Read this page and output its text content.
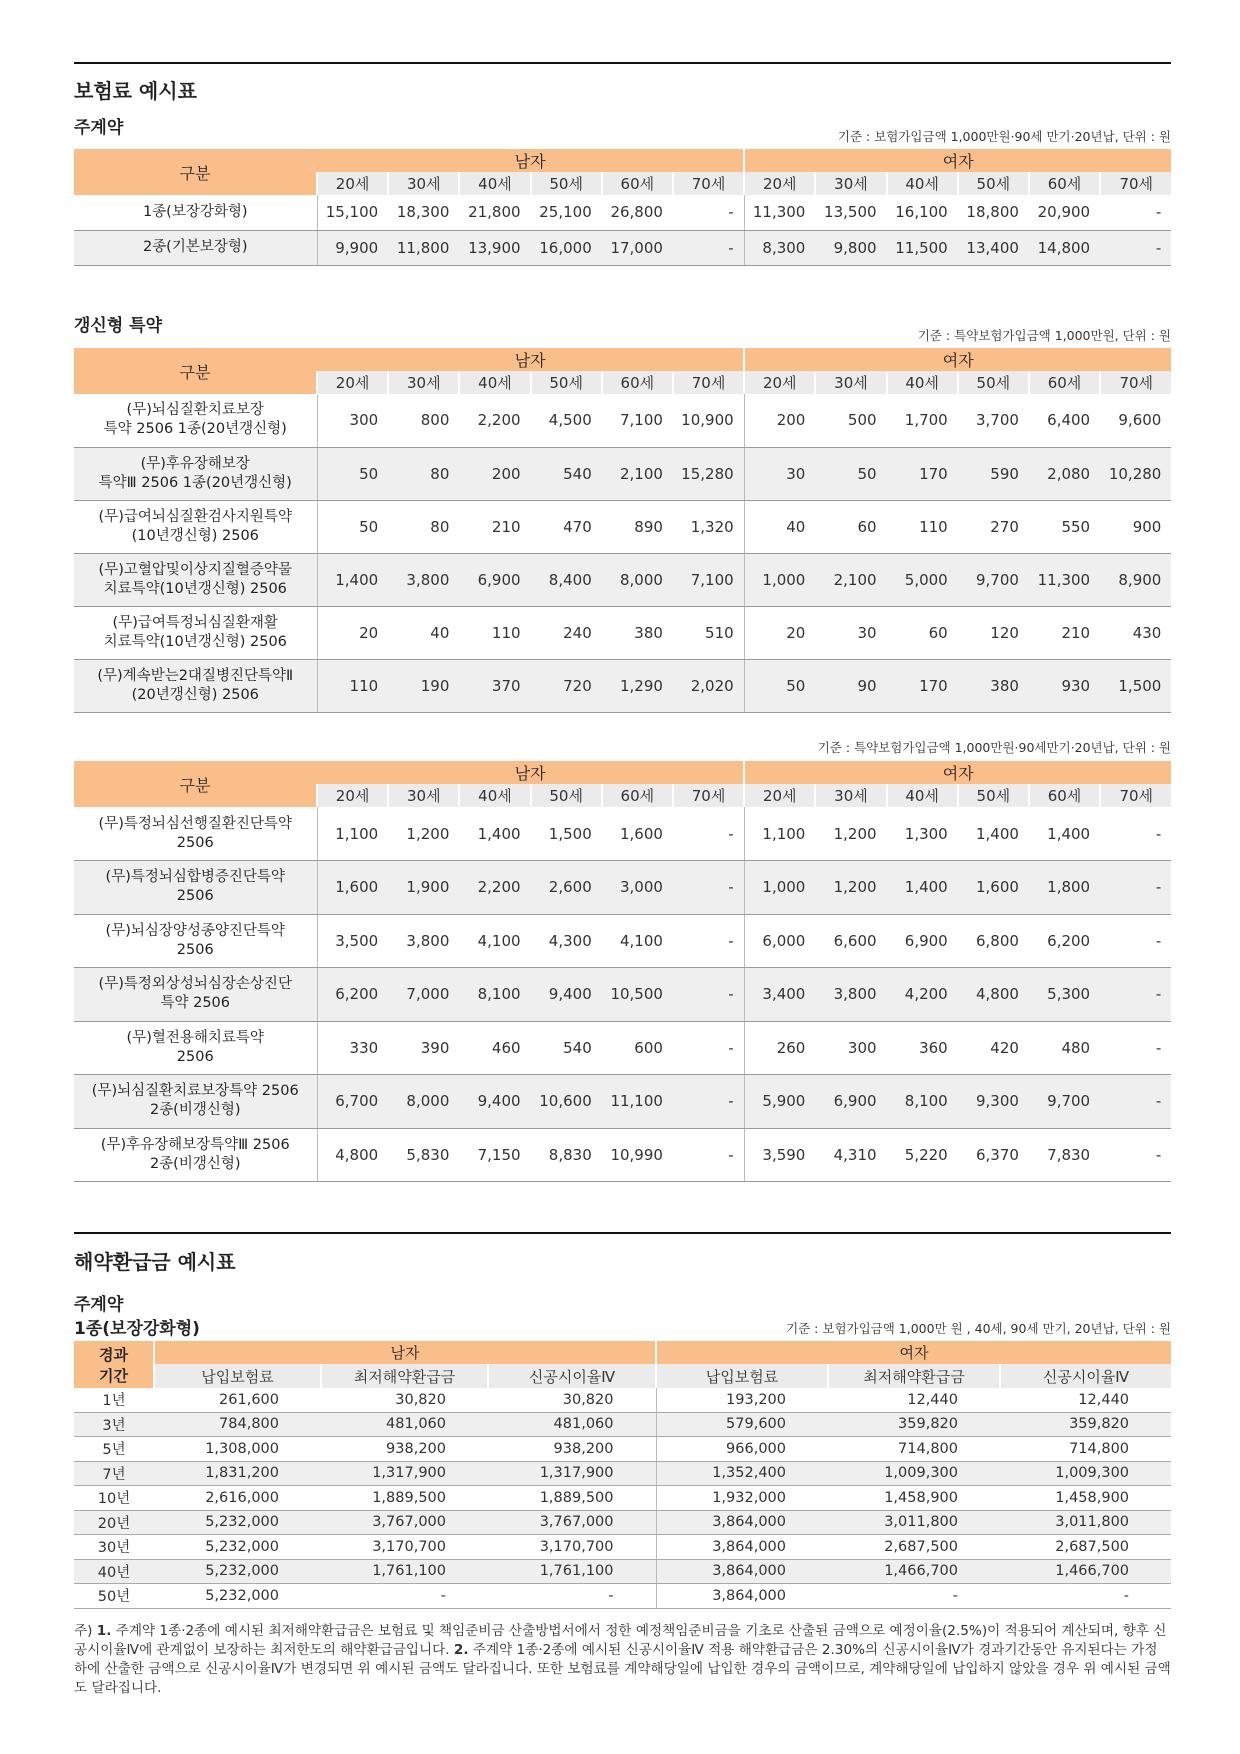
보험료 예시표
주계약	기준 : 보험가입금액 1,000만원·90세 만기·20년납, 단위 : 원
구분	남자						여자					
	20세	30세	40세	50세	60세	70세	20세	30세	40세	50세	60세	70세
1종(보장강화형)	15,100	18,300	21,800	25,100	26,800	-	11,300	13,500	16,100	18,800	20,900	-
2종(기본보장형)	9,900	11,800	13,900	16,000	17,000	-	8,300	9,800	11,500	13,400	14,800	-
갱신형 특약	기준 : 특약보험가입금액 1,000만원, 단위 : 원
구분	남자						여자					
	20세	30세	40세	50세	60세	70세	20세	30세	40세	50세	60세	70세
(무)뇌심질환치료보장
특약 2506 1종(20년갱신형)	300	800	2,200	4,500	7,100	10,900	200	500	1,700	3,700	6,400	9,600
(무)후유장해보장
특약Ⅲ 2506 1종(20년갱신형)	50	80	200	540	2,100	15,280	30	50	170	590	2,080	10,280
(무)급여뇌심질환검사지원특약
(10년갱신형) 2506	50	80	210	470	890	1,320	40	60	110	270	550	900
(무)고혈압및이상지질혈증약물
치료특약(10년갱신형) 2506	1,400	3,800	6,900	8,400	8,000	7,100	1,000	2,100	5,000	9,700	11,300	8,900
(무)급여특정뇌심질환재활
치료특약(10년갱신형) 2506	20	40	110	240	380	510	20	30	60	120	210	430
(무)계속받는2대질병진단특약Ⅱ
(20년갱신형) 2506	110	190	370	720	1,290	2,020	50	90	170	380	930	1,500
기준 : 특약보험가입금액 1,000만원·90세만기·20년납, 단위 : 원
구분	남자						여자					
	20세	30세	40세	50세	60세	70세	20세	30세	40세	50세	60세	70세
(무)특정뇌심선행질환진단특약
2506	1,100	1,200	1,400	1,500	1,600	-	1,100	1,200	1,300	1,400	1,400	-
(무)특정뇌심합병증진단특약
2506	1,600	1,900	2,200	2,600	3,000	-	1,000	1,200	1,400	1,600	1,800	-
(무)뇌심장양성종양진단특약
2506	3,500	3,800	4,100	4,300	4,100	-	6,000	6,600	6,900	6,800	6,200	-
(무)특정외상성뇌심장손상진단
특약 2506	6,200	7,000	8,100	9,400	10,500	-	3,400	3,800	4,200	4,800	5,300	-
(무)혈전용해치료특약
2506	330	390	460	540	600	-	260	300	360	420	480	-
(무)뇌심질환치료보장특약 2506
2종(비갱신형)	6,700	8,000	9,400	10,600	11,100	-	5,900	6,900	8,100	9,300	9,700	-
(무)후유장해보장특약Ⅲ 2506
2종(비갱신형)	4,800	5,830	7,150	8,830	10,990	-	3,590	4,310	5,220	6,370	7,830	-
해약환급금 예시표
주계약
1종(보장강화형)	기준 : 보험가입금액 1,000만 원 , 40세, 90세 만기, 20년납, 단위 : 원
경과
기간	남자			여자		
	납입보험료	최저해약환급금	신공시이율Ⅳ	납입보험료	최저해약환급금	신공시이율Ⅳ
1년	261,600	30,820	30,820	193,200	12,440	12,440
3년	784,800	481,060	481,060	579,600	359,820	359,820
5년	1,308,000	938,200	938,200	966,000	714,800	714,800
7년	1,831,200	1,317,900	1,317,900	1,352,400	1,009,300	1,009,300
10년	2,616,000	1,889,500	1,889,500	1,932,000	1,458,900	1,458,900
20년	5,232,000	3,767,000	3,767,000	3,864,000	3,011,800	3,011,800
30년	5,232,000	3,170,700	3,170,700	3,864,000	2,687,500	2,687,500
40년	5,232,000	1,761,100	1,761,100	3,864,000	1,466,700	1,466,700
50년	5,232,000	-	-	3,864,000	-	-
주) 1. 주계약 1종·2종에 예시된 최저해약환급금은 보험료 및 책임준비금 산출방법서에서 정한 예정책임준비금을 기초로 산출된 금액으로 예정이율(2.5%)이 적용되어 계산되며, 향후 신공시이율Ⅳ에 관계없이 보장하는 최저한도의 해약환급금입니다. 2. 주계약 1종·2종에 예시된 신공시이율Ⅳ 적용 해약환급금은 2.30%의 신공시이율Ⅳ가 경과기간동안 유지된다는 가정 하에 산출한 금액으로 신공시이율Ⅳ가 변경되면 위 예시된 금액도 달라집니다. 또한 보험료를 계약해당일에 납입한 경우의 금액이므로, 계약해당일에 납입하지 않았을 경우 위 예시된 금액도 달라집니다.
